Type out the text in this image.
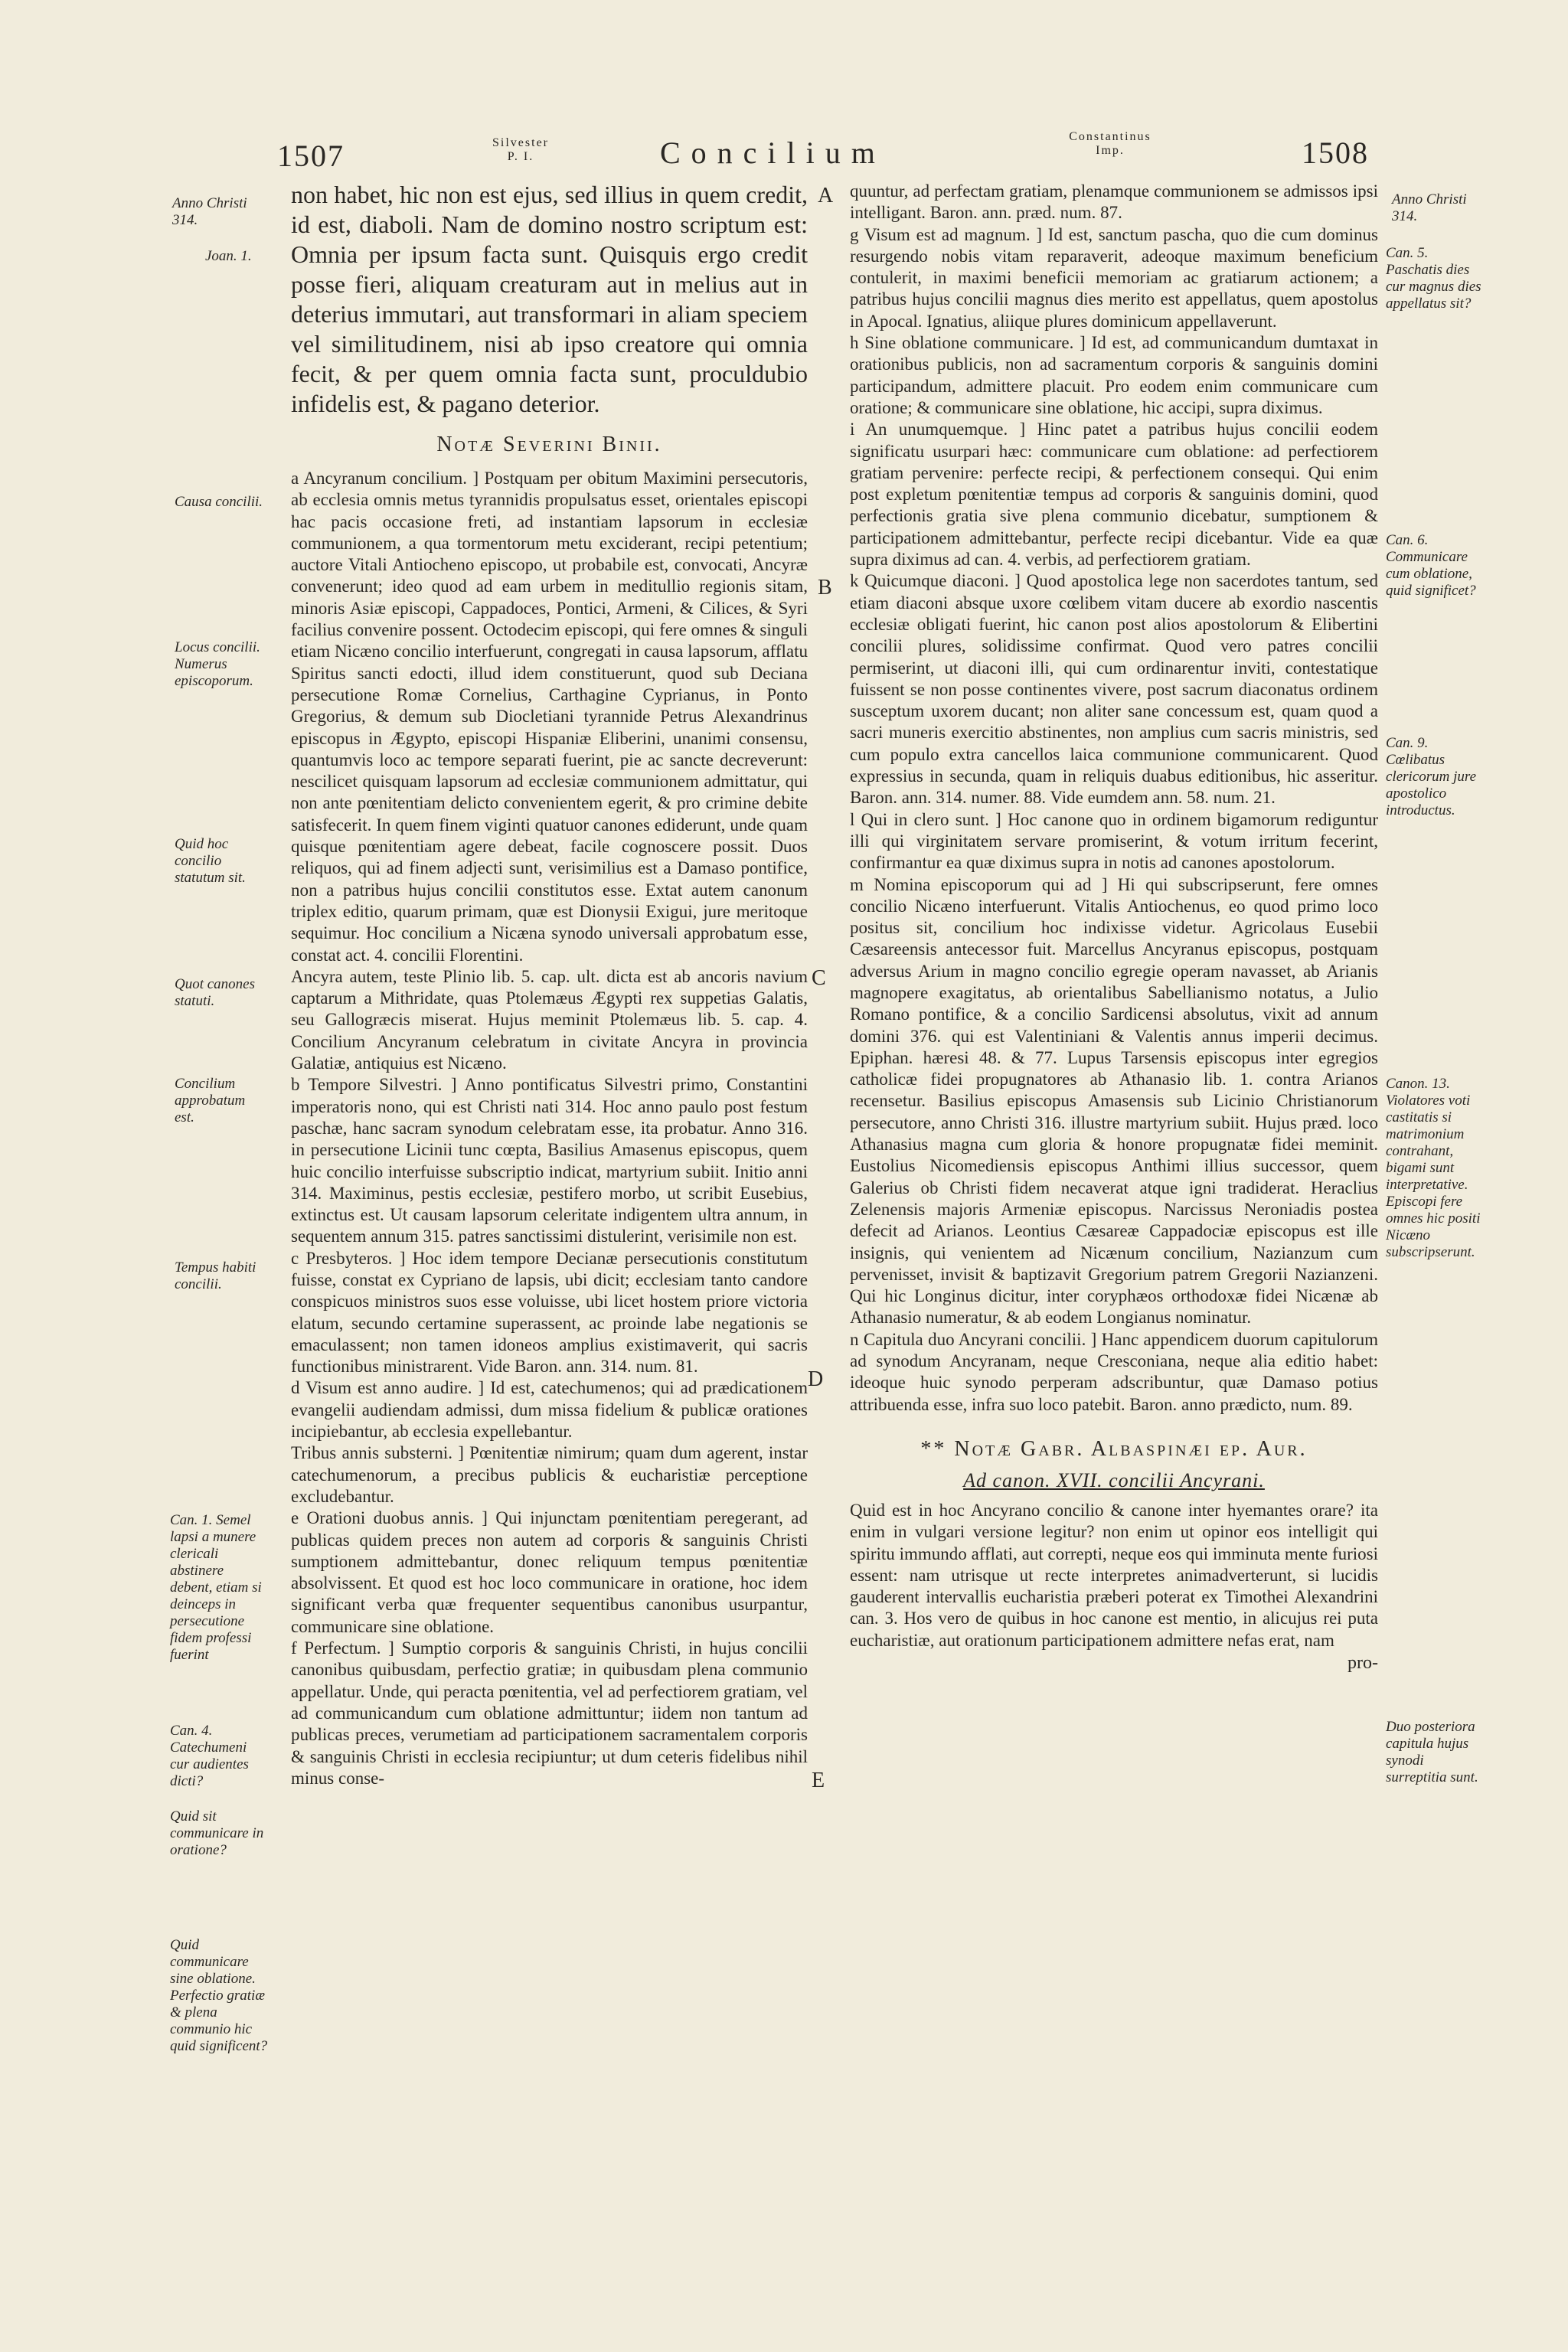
1507	Silvester
P. I.	Concilium	Constantinus
Imp.	1508
Anno Christi 314.
Joan. 1.
Causa concilii.
Locus concilii. Numerus episcoporum.
Quid hoc concilio statutum sit.
Quot canones statuti.
Concilium approbatum est.
Tempus habiti concilii.
Can. 1. Semel lapsi a munere clericali abstinere debent, etiam si deinceps in persecutione fidem professi fuerint
Can. 4. Catechumeni cur audientes dicti?
Quid sit communicare in oratione?
Quid communicare sine oblatione. Perfectio gratiæ & plena communio hic quid significent?
A
B
C
D
E
non habet, hic non est ejus, sed illius in quem credit, id est, diaboli. Nam de domino nostro scriptum est: Omnia per ipsum facta sunt. Quisquis ergo credit posse fieri, aliquam creaturam aut in melius aut in deterius immutari, aut transformari in aliam speciem vel similitudinem, nisi ab ipso creatore qui omnia fecit, & per quem omnia facta sunt, proculdubio infidelis est, & pagano deterior.
Notæ Severini Binii.

a Ancyranum concilium. ] Postquam per obitum Maximini persecutoris, ab ecclesia omnis metus tyrannidis propulsatus esset, orientales episcopi hac pacis occasione freti, ad instantiam lapsorum in ecclesiæ communionem, a qua tormentorum metu exciderant, recipi petentium; auctore Vitali Antiocheno episcopo, ut probabile est, convocati, Ancyræ convenerunt; ideo quod ad eam urbem in meditullio regionis sitam, minoris Asiæ episcopi, Cappadoces, Pontici, Armeni, & Cilices, & Syri facilius convenire possent. Octodecim episcopi, qui fere omnes & singuli etiam Nicæno concilio interfuerunt, congregati in causa lapsorum, afflatu Spiritus sancti edocti, illud idem constituerunt, quod sub Deciana persecutione Romæ Cornelius, Carthagine Cyprianus, in Ponto Gregorius, & demum sub Diocletiani tyrannide Petrus Alexandrinus episcopus in Ægypto, episcopi Hispaniæ Eliberini, unanimi consensu, quantumvis loco ac tempore separati fuerint, pie ac sancte decreverunt: nescilicet quisquam lapsorum ad ecclesiæ communionem admittatur, qui non ante pœnitentiam delicto convenientem egerit, & pro crimine debite satisfecerit. In quem finem viginti quatuor canones ediderunt, unde quam quisque pœnitentiam agere debeat, facile cognoscere possit. Duos reliquos, qui ad finem adjecti sunt, verisimilius est a Damaso pontifice, non a patribus hujus concilii constitutos esse. Extat autem canonum triplex editio, quarum primam, quæ est Dionysii Exigui, jure meritoque sequimur. Hoc concilium a Nicæna synodo universali approbatum esse, constat act. 4. concilii Florentini.

Ancyra autem, teste Plinio lib. 5. cap. ult. dicta est ab ancoris navium captarum a Mithridate, quas Ptolemæus Ægypti rex suppetias Galatis, seu Gallogræcis miserat. Hujus meminit Ptolemæus lib. 5. cap. 4. Concilium Ancyranum celebratum in civitate Ancyra in provincia Galatiæ, antiquius est Nicæno.

b Tempore Silvestri. ] Anno pontificatus Silvestri primo, Constantini imperatoris nono, qui est Christi nati 314. Hoc anno paulo post festum paschæ, hanc sacram synodum celebratam esse, ita probatur. Anno 316. in persecutione Licinii tunc cœpta, Basilius Amasenus episcopus, quem huic concilio interfuisse subscriptio indicat, martyrium subiit. Initio anni 314. Maximinus, pestis ecclesiæ, pestifero morbo, ut scribit Eusebius, extinctus est. Ut causam lapsorum celeritate indigentem ultra annum, in sequentem annum 315. patres sanctissimi distulerint, verisimile non est.

c Presbyteros. ] Hoc idem tempore Decianæ persecutionis constitutum fuisse, constat ex Cypriano de lapsis, ubi dicit; ecclesiam tanto candore conspicuos ministros suos esse voluisse, ubi licet hostem priore victoria elatum, secundo certamine superassent, ac proinde labe negationis se emaculassent; non tamen idoneos amplius existimaverit, qui sacris functionibus ministrarent. Vide Baron. ann. 314. num. 81.

d Visum est anno audire. ] Id est, catechumenos; qui ad prædicationem evangelii audiendam admissi, dum missa fidelium & publicæ orationes incipiebantur, ab ecclesia expellebantur.

Tribus annis substerni. ] Pœnitentiæ nimirum; quam dum agerent, instar catechumenorum, a precibus publicis & eucharistiæ perceptione excludebantur.

e Orationi duobus annis. ] Qui injunctam pœnitentiam peregerant, ad publicas quidem preces non autem ad corporis & sanguinis Christi sumptionem admittebantur, donec reliquum tempus pœnitentiæ absolvissent. Et quod est hoc loco communicare in oratione, hoc idem significant verba quæ frequenter sequentibus canonibus usurpantur, communicare sine oblatione.

f Perfectum. ] Sumptio corporis & sanguinis Christi, in hujus concilii canonibus quibusdam, perfectio gratiæ; in quibusdam plena communio appellatur. Unde, qui peracta pœnitentia, vel ad perfectiorem gratiam, vel ad communicandum cum oblatione admittuntur; iidem non tantum ad publicas preces, verumetiam ad participationem sacramentalem corporis & sanguinis Christi in ecclesia recipiuntur; ut dum ceteris fidelibus nihil minus conse-

quuntur, ad perfectam gratiam, plenamque communionem se admissos ipsi intelligant. Baron. ann. præd. num. 87.

g Visum est ad magnum. ] Id est, sanctum pascha, quo die cum dominus resurgendo nobis vitam reparaverit, adeoque maximum beneficium contulerit, in maximi beneficii memoriam ac gratiarum actionem; a patribus hujus concilii magnus dies merito est appellatus, quem apostolus in Apocal. Ignatius, aliique plures dominicum appellaverunt.

h Sine oblatione communicare. ] Id est, ad communicandum dumtaxat in orationibus publicis, non ad sacramentum corporis & sanguinis domini participandum, admittere placuit. Pro eodem enim communicare cum oratione; & communicare sine oblatione, hic accipi, supra diximus.

i An unumquemque. ] Hinc patet a patribus hujus concilii eodem significatu usurpari hæc: communicare cum oblatione: ad perfectiorem gratiam pervenire: perfecte recipi, & perfectionem consequi. Qui enim post expletum pœnitentiæ tempus ad corporis & sanguinis domini, quod perfectionis gratia sive plena communio dicebatur, sumptionem & participationem admittebantur, perfecte recipi dicebantur. Vide ea quæ supra diximus ad can. 4. verbis, ad perfectiorem gratiam.

k Quicumque diaconi. ] Quod apostolica lege non sacerdotes tantum, sed etiam diaconi absque uxore cœlibem vitam ducere ab exordio nascentis ecclesiæ obligati fuerint, hic canon post alios apostolorum & Elibertini concilii plures, solidissime confirmat. Quod vero patres concilii permiserint, ut diaconi illi, qui cum ordinarentur inviti, contestatique fuissent se non posse continentes vivere, post sacrum diaconatus ordinem susceptum uxorem ducant; non aliter sane concessum est, quam quod a sacri muneris exercitio abstinentes, non amplius cum sacris ministris, sed cum populo extra cancellos laica communione communicarent. Quod expressius in secunda, quam in reliquis duabus editionibus, hic asseritur. Baron. ann. 314. numer. 88. Vide eumdem ann. 58. num. 21.

l Qui in clero sunt. ] Hoc canone quo in ordinem bigamorum rediguntur illi qui virginitatem servare promiserint, & votum irritum fecerint, confirmantur ea quæ diximus supra in notis ad canones apostolorum.

m Nomina episcoporum qui ad ] Hi qui subscripserunt, fere omnes concilio Nicæno interfuerunt. Vitalis Antiochenus, eo quod primo loco positus sit, concilium hoc indixisse videtur. Agricolaus Eusebii Cæsareensis antecessor fuit. Marcellus Ancyranus episcopus, postquam adversus Arium in magno concilio egregie operam navasset, ab Arianis magnopere exagitatus, ab orientalibus Sabellianismo notatus, a Julio Romano pontifice, & a concilio Sardicensi absolutus, vixit ad annum domini 376. qui est Valentiniani & Valentis annus imperii decimus. Epiphan. hæresi 48. & 77. Lupus Tarsensis episcopus inter egregios catholicæ fidei propugnatores ab Athanasio lib. 1. contra Arianos recensetur. Basilius episcopus Amasensis sub Licinio Christianorum persecutore, anno Christi 316. illustre martyrium subiit. Hujus præd. loco Athanasius magna cum gloria & honore propugnatæ fidei meminit. Eustolius Nicomediensis episcopus Anthimi illius successor, quem Galerius ob Christi fidem necaverat atque igni tradiderat. Heraclius Zelenensis majoris Armeniæ episcopus. Narcissus Neroniadis postea defecit ad Arianos. Leontius Cæsareæ Cappadociæ episcopus est ille insignis, qui venientem ad Nicænum concilium, Nazianzum cum pervenisset, invisit & baptizavit Gregorium patrem Gregorii Nazianzeni. Qui hic Longinus dicitur, inter coryphæos orthodoxæ fidei Nicænæ ab Athanasio numeratur, & ab eodem Longianus nominatur.

n Capitula duo Ancyrani concilii. ] Hanc appendicem duorum capitulorum ad synodum Ancyranam, neque Cresconiana, neque alia editio habet: ideoque huic synodo perperam adscribuntur, quæ Damaso potius attribuenda esse, infra suo loco patebit. Baron. anno prædicto, num. 89.

** Notæ Gabr. Albaspinæi ep. Aur.
Ad canon. XVII. concilii Ancyrani.
Quid est in hoc Ancyrano concilio & canone inter hyemantes orare? ita enim in vulgari versione legitur? non enim ut opinor eos intelligit qui spiritu immundo afflati, aut correpti, neque eos qui imminuta mente furiosi essent: nam utrisque ut recte interpretes animadverterunt, si lucidis gauderent intervallis eucharistia præberi poterat ex Timothei Alexandrini can. 3. Hos vero de quibus in hoc canone est mentio, in alicujus rei puta eucharistiæ, aut orationum participationem admittere nefas erat, nam
pro-
Anno Christi 314.
Can. 5. Paschatis dies cur magnus dies appellatus sit?
Can. 6. Communicare cum oblatione, quid significet?
Can. 9. Cœlibatus clericorum jure apostolico introductus.
Canon. 13. Violatores voti castitatis si matrimonium contrahant, bigami sunt interpretative. Episcopi fere omnes hic positi Nicæno subscripserunt.
Duo posteriora capitula hujus synodi surreptitia sunt.
